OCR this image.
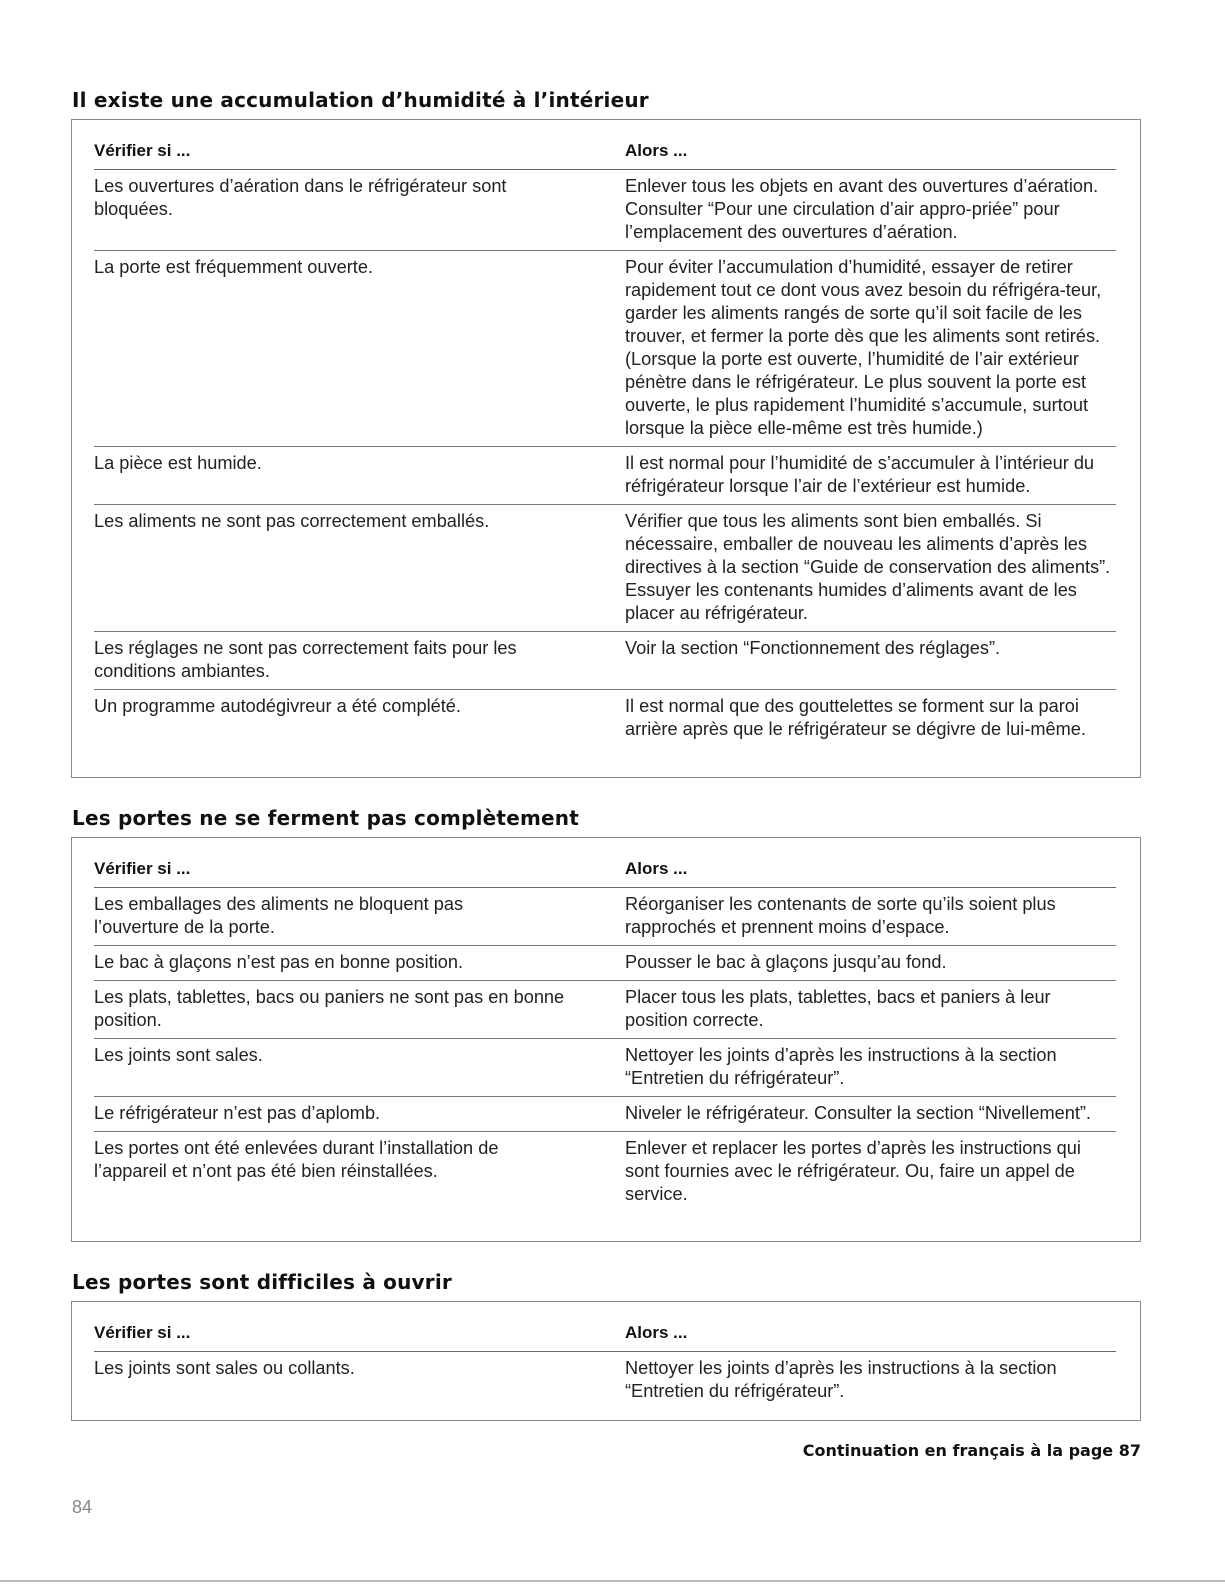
Il existe une accumulation d’humidité à l’intérieur
Vérifier si ...	Alors ...
Les ouvertures d’aération dans le réfrigérateur sont bloquées.	Enlever tous les objets en avant des ouvertures d’aération. Consulter “Pour une circulation d’air appro-priée” pour l’emplacement des ouvertures d’aération.
La porte est fréquemment ouverte.	Pour éviter l’accumulation d’humidité, essayer de retirer rapidement tout ce dont vous avez besoin du réfrigéra-teur, garder les aliments rangés de sorte qu’il soit facile de les trouver, et fermer la porte dès que les aliments sont retirés. (Lorsque la porte est ouverte, l’humidité de l’air extérieur pénètre dans le réfrigérateur. Le plus souvent la porte est ouverte, le plus rapidement l’humidité s’accumule, surtout lorsque la pièce elle-même est très humide.)
La pièce est humide.	Il est normal pour l’humidité de s’accumuler à l’intérieur du réfrigérateur lorsque l’air de l’extérieur est humide.
Les aliments ne sont pas correctement emballés.	Vérifier que tous les aliments sont bien emballés. Si nécessaire, emballer de nouveau les aliments d’après les directives à la section “Guide de conservation des aliments”. Essuyer les contenants humides d’aliments avant de les placer au réfrigérateur.
Les réglages ne sont pas correctement faits pour les conditions ambiantes.	Voir la section “Fonctionnement des réglages”.
Un programme autodégivreur a été complété.	Il est normal que des gouttelettes se forment sur la paroi arrière après que le réfrigérateur se dégivre de lui-même.
Les portes ne se ferment pas complètement
Vérifier si ...	Alors ...
Les emballages des aliments ne bloquent pas l’ouverture de la porte.	Réorganiser les contenants de sorte qu’ils soient plus rapprochés et prennent moins d’espace.
Le bac à glaçons n’est pas en bonne position.	Pousser le bac à glaçons jusqu’au fond.
Les plats, tablettes, bacs ou paniers ne sont pas en bonne position.	Placer tous les plats, tablettes, bacs et paniers à leur position correcte.
Les joints sont sales.	Nettoyer les joints d’après les instructions à la section “Entretien du réfrigérateur”.
Le réfrigérateur n’est pas d’aplomb.	Niveler le réfrigérateur. Consulter la section “Nivellement”.
Les portes ont été enlevées durant l’installation de l’appareil et n’ont pas été bien réinstallées.	Enlever et replacer les portes d’après les instructions qui sont fournies avec le réfrigérateur. Ou, faire un appel de service.
Les portes sont difficiles à ouvrir
Vérifier si ...	Alors ...
Les joints sont sales ou collants.	Nettoyer les joints d’après les instructions à la section “Entretien du réfrigérateur”.

Continuation en français à la page 87

84
